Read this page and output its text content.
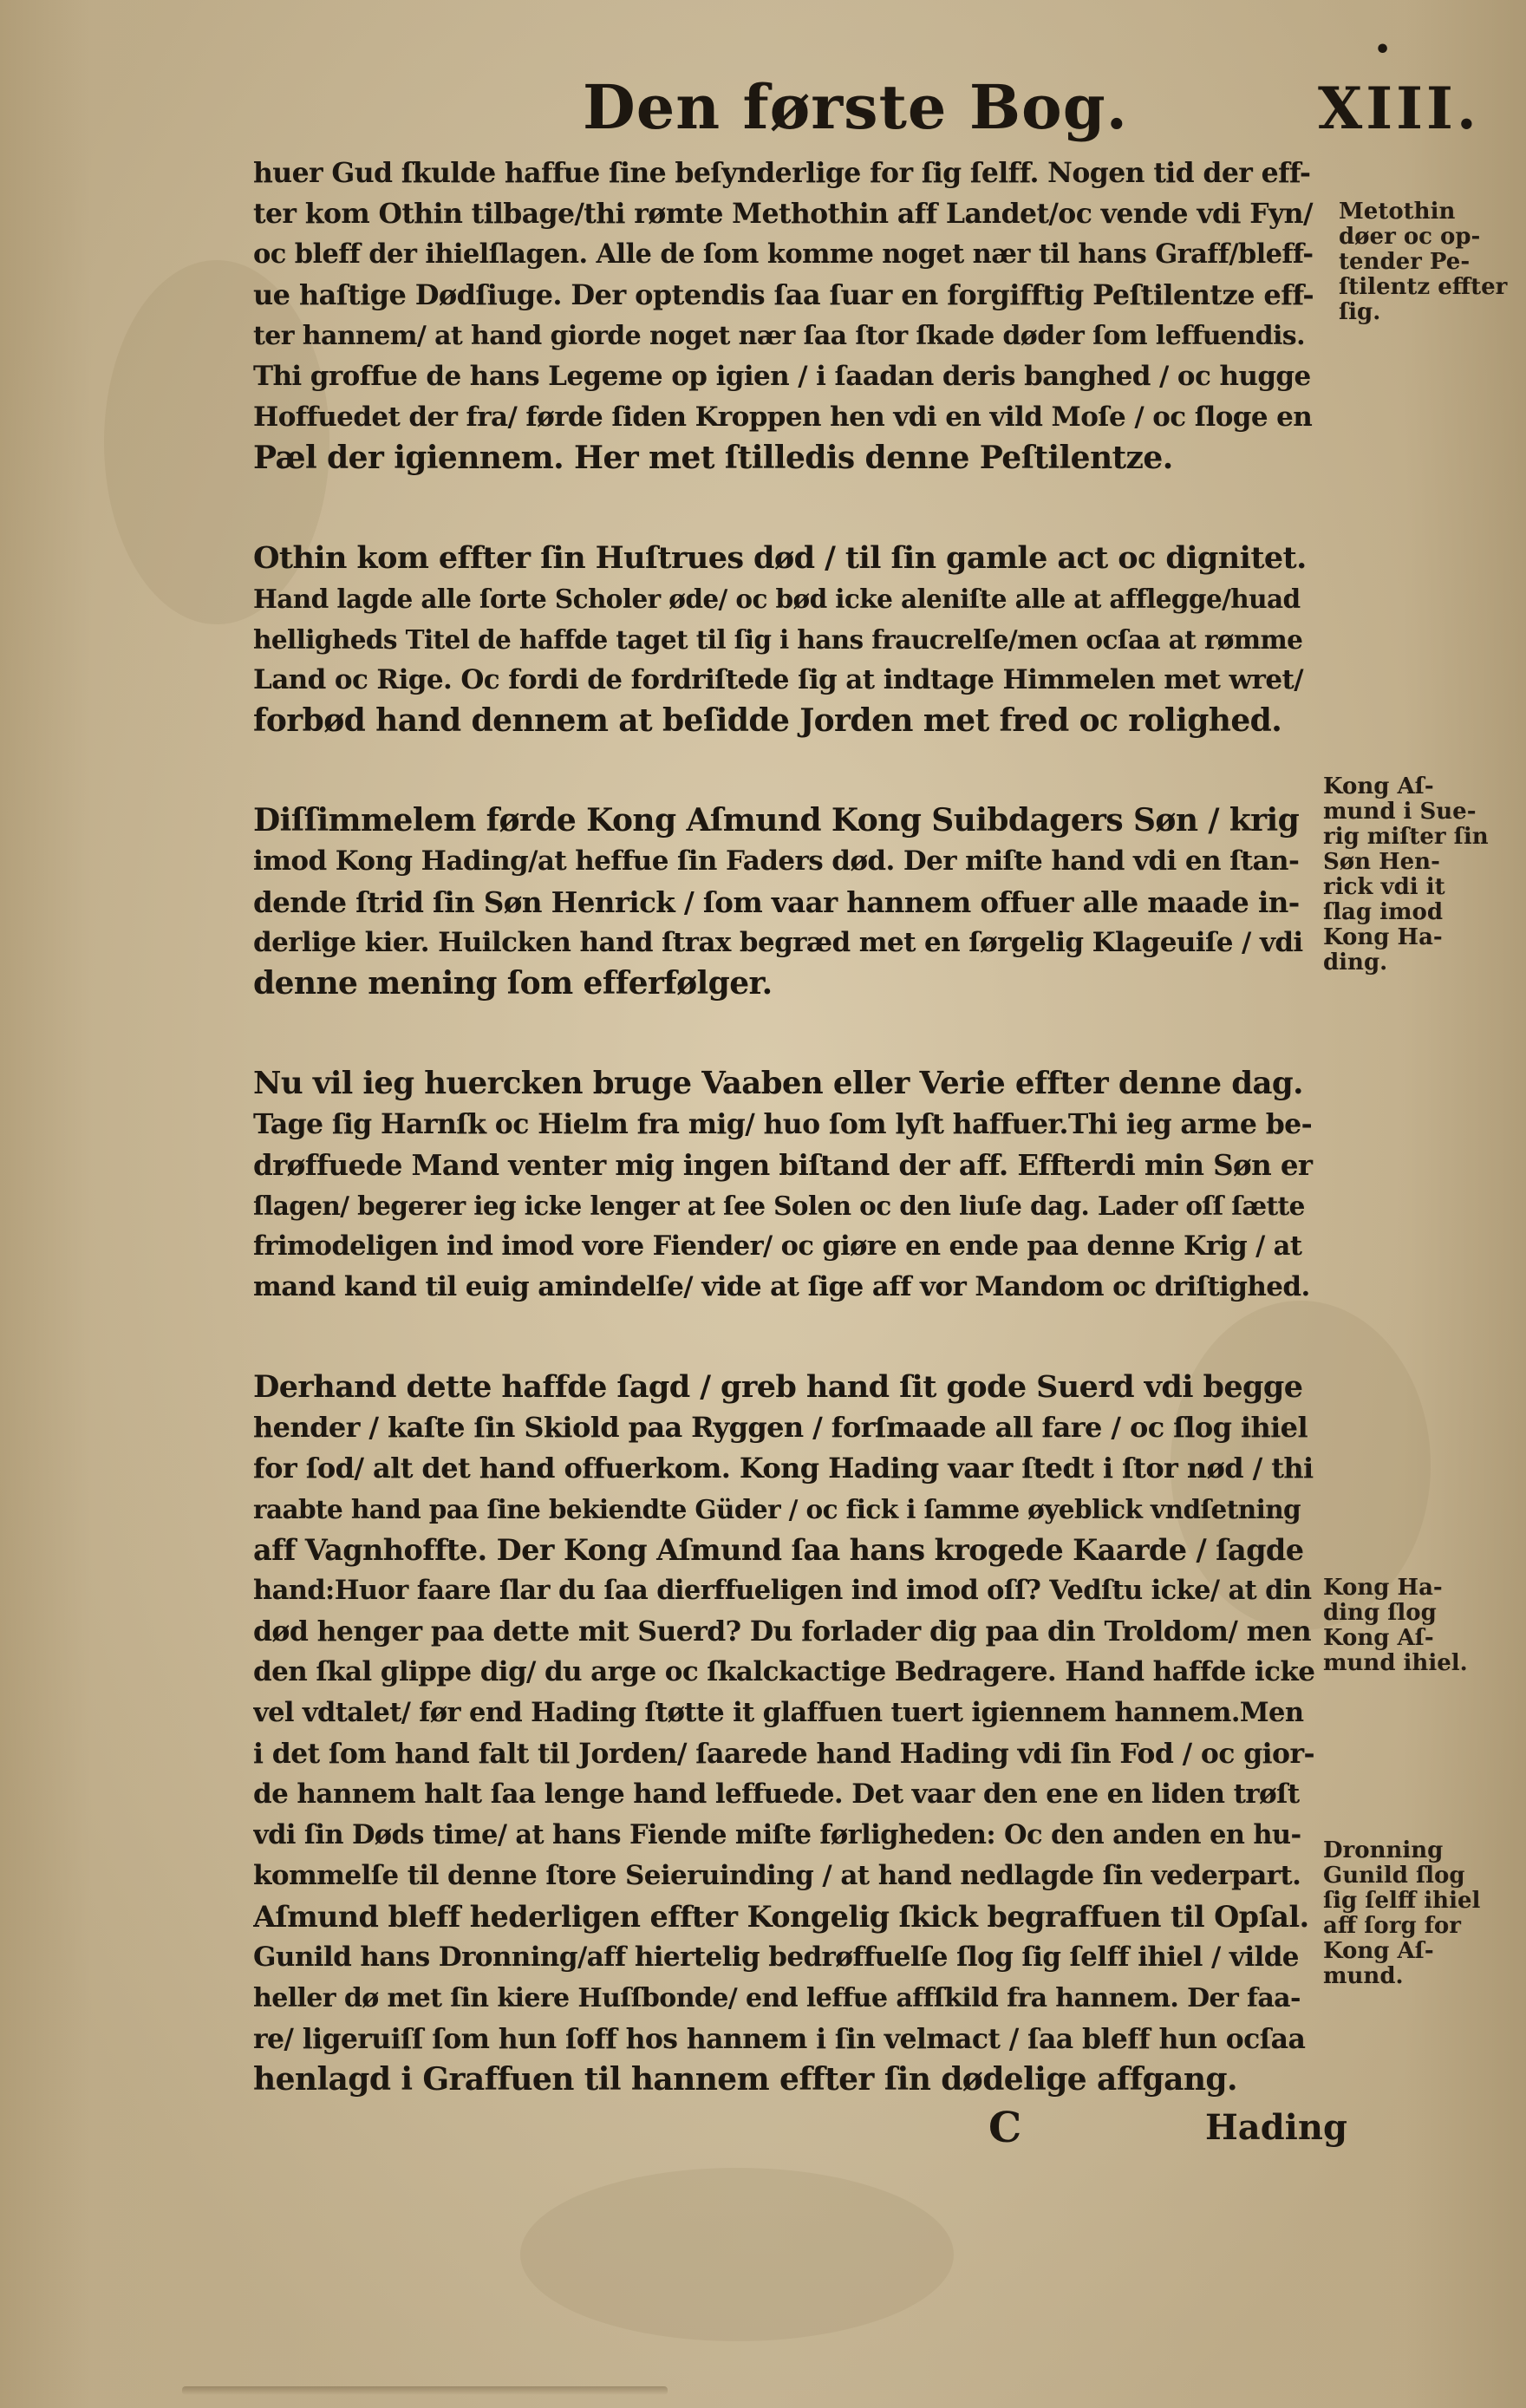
•
Den første Bog.	XIII.
huer Gud ſkulde haffue ſine beſynderlige for ſig ſelff. Nogen tid der eff-
ter kom Othin tilbage/thi rømte Methothin aff Landet/oc vende vdi Fyn/
oc bleff der ihielſlagen. Alle de ſom komme noget nær til hans Graff/bleff-
ue haſtige Dødſiuge. Der optendis ſaa ſuar en forgifftig Peſtilentze eff-
ter hannem/ at hand giorde noget nær ſaa ſtor ſkade døder ſom leffuendis.
Thi groffue de hans Legeme op igien / i ſaadan deris banghed / oc hugge
Hoffuedet der fra/ førde ſiden Kroppen hen vdi en vild Moſe / oc ſloge en
Pæl der igiennem. Her met ſtilledis denne Peſtilentze.
Othin kom effter ſin Huſtrues død / til ſin gamle act oc dignitet.
Hand lagde alle ſorte Scholer øde/ oc bød icke aleniſte alle at afflegge/huad
helligheds Titel de haffde taget til ſig i hans fraucrelſe/men ocſaa at rømme
Land oc Rige. Oc fordi de fordriſtede ſig at indtage Himmelen met wret/
forbød hand dennem at beſidde Jorden met fred oc rolighed.
Diſſimmelem førde Kong Aſmund Kong Suibdagers Søn / krig
imod Kong Hading/at heffue ſin Faders død. Der miſte hand vdi en ſtan-
dende ſtrid ſin Søn Henrick / ſom vaar hannem offuer alle maade in-
derlige kier. Huilcken hand ſtrax begræd met en ſørgelig Klageuiſe / vdi
denne mening ſom efferfølger.
Nu vil ieg huercken bruge Vaaben eller Verie effter denne dag.
Tage ſig Harnſk oc Hielm fra mig/ huo ſom lyſt haffuer.Thi ieg arme be-
drøffuede Mand venter mig ingen biſtand der aff. Effterdi min Søn er
ſlagen/ begerer ieg icke lenger at ſee Solen oc den liuſe dag. Lader oſſ ſætte
frimodeligen ind imod vore Fiender/ oc giøre en ende paa denne Krig / at
mand kand til euig amindelſe/ vide at ſige aff vor Mandom oc driſtighed.
Derhand dette haffde ſagd / greb hand ſit gode Suerd vdi begge
hender / kaſte ſin Skiold paa Ryggen / forſmaade all fare / oc ſlog ihiel
for ſod/ alt det hand offuerkom. Kong Hading vaar ſtedt i ſtor nød / thi
raabte hand paa ſine bekiendte Güder / oc fick i ſamme øyeblick vndſetning
aff Vagnhoffte. Der Kong Aſmund ſaa hans krogede Kaarde / ſagde
hand:Huor faare ſlar du ſaa dierffueligen ind imod oſſ? Vedſtu icke/ at din
død henger paa dette mit Suerd? Du forlader dig paa din Troldom/ men
den ſkal glippe dig/ du arge oc ſkalckactige Bedragere. Hand haffde icke
vel vdtalet/ før end Hading ſtøtte it glaffuen tuert igiennem hannem.Men
i det ſom hand falt til Jorden/ ſaarede hand Hading vdi ſin Fod / oc gior-
de hannem halt ſaa lenge hand leffuede. Det vaar den ene en liden trøſt
vdi ſin Døds time/ at hans Fiende miſte førligheden: Oc den anden en hu-
kommelſe til denne ſtore Seieruinding / at hand nedlagde ſin vederpart.
Aſmund bleff hederligen effter Kongelig ſkick begraffuen til Opſal.
Gunild hans Dronning/aff hiertelig bedrøffuelſe ſlog ſig ſelff ihiel / vilde
heller dø met ſin kiere Huſſbonde/ end leffue affſkild fra hannem. Der faa-
re/ ligeruiſſ ſom hun ſoff hos hannem i ſin velmact / ſaa bleff hun ocſaa
henlagd i Graffuen til hannem effter ſin dødelige affgang.
Metothin
døer oc op-
tender Pe-
ſtilentz effter
ſig.
Kong Aſ-
mund i Sue-
rig miſter ſin
Søn Hen-
rick vdi it
ſlag imod
Kong Ha-
ding.
Kong Ha-
ding ſlog
Kong Aſ-
mund ihiel.
Dronning
Gunild ſlog
ſig ſelff ihiel
aff ſorg for
Kong Aſ-
mund.
C	Hading
